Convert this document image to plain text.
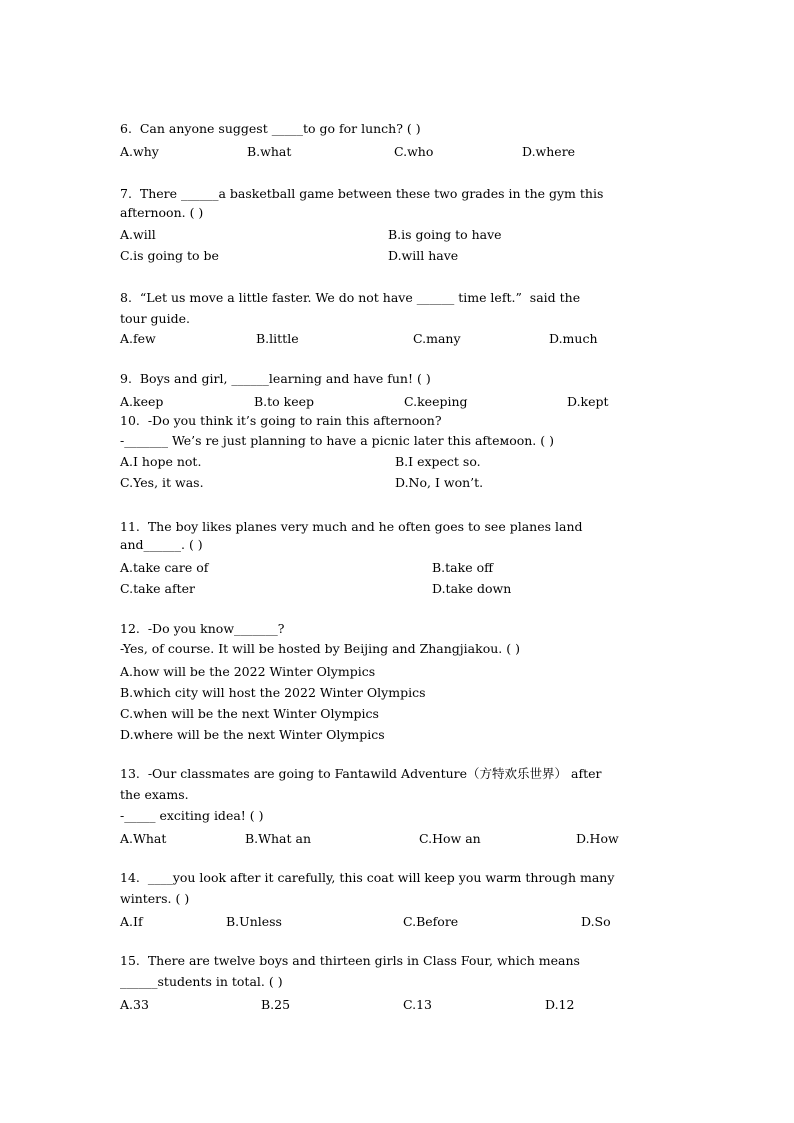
6.  Can anyone suggest _____to go for lunch? ( )
A.why	B.what	C.who	D.where
7.  There ______a basketball game between these two grades in the gym this
afternoon. ( )
A.will	B.is going to have
C.is going to be	D.will have
8.  “Let us move a little faster. We do not have ______ time left.”  said the
tour guide.
A.few	B.little	C.many	D.much
9.  Boys and girl, ______learning and have fun! ( )
A.keep	B.to keep	C.keeping	D.kept
10.  -Do you think it’s going to rain this afternoon?
-_______ We’s re just planning to have a picnic later this afteмoon. ( )
A.I hope not.	B.I expect so.
C.Yes, it was.	D.No, I won’t.
11.  The boy likes planes very much and he often goes to see planes land
and______. ( )
A.take care of	B.take off
C.take after	D.take down
12.  -Do you know_______?
-Yes, of course. It will be hosted by Beijing and Zhangjiakou. ( )
A.how will be the 2022 Winter Olympics
B.which city will host the 2022 Winter Olympics
C.when will be the next Winter Olympics
D.where will be the next Winter Olympics
13.  -Our classmates are going to Fantawild Adventure（方特欢乐世界） after
the exams.
-_____ exciting idea! ( )
A.What	B.What an	C.How an	D.How
14.  ____you look after it carefully, this coat will keep you warm through many
winters. ( )
A.If	B.Unless	C.Before	D.So
15.  There are twelve boys and thirteen girls in Class Four, which means
______students in total. ( )
A.33	B.25	C.13	D.12
